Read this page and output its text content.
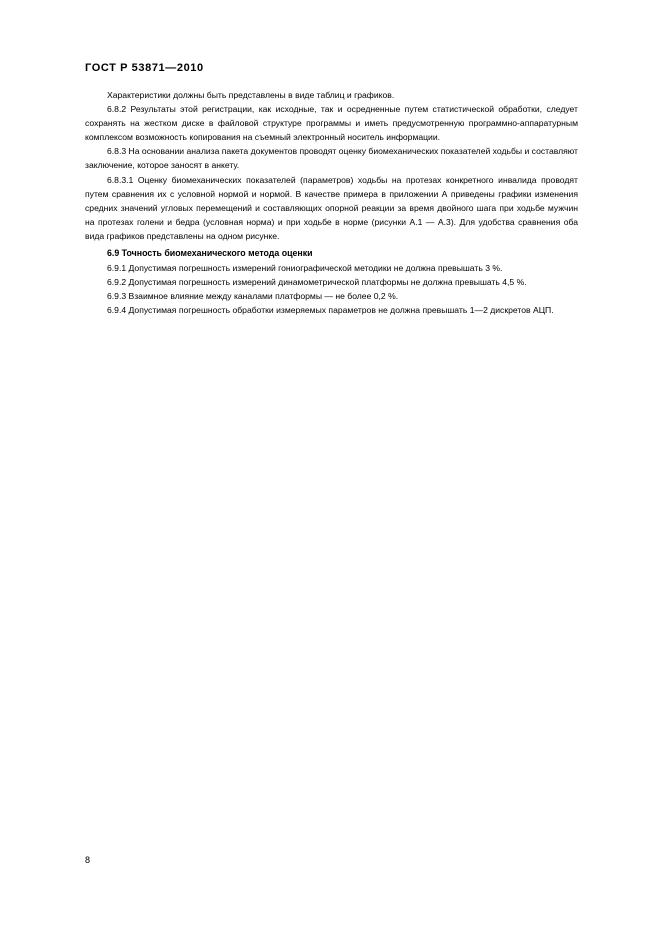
ГОСТ Р 53871—2010

Характеристики должны быть представлены в виде таблиц и графиков.

6.8.2 Результаты этой регистрации, как исходные, так и осредненные путем статистической обработки, следует сохранять на жестком диске в файловой структуре программы и иметь предусмотренную программно-аппаратурным комплексом возможность копирования на съемный электронный носитель информации.

6.8.3 На основании анализа пакета документов проводят оценку биомеханических показателей ходьбы и составляют заключение, которое заносят в анкету.

6.8.3.1 Оценку биомеханических показателей (параметров) ходьбы на протезах конкретного инвалида проводят путем сравнения их с условной нормой и нормой. В качестве примера в приложении А приведены графики изменения средних значений угловых перемещений и составляющих опорной реакции за время двойного шага при ходьбе мужчин на протезах голени и бедра (условная норма) и при ходьбе в норме (рисунки А.1 — А.3). Для удобства сравнения оба вида графиков представлены на одном рисунке.

6.9 Точность биомеханического метода оценки

6.9.1 Допустимая погрешность измерений гониографической методики не должна превышать 3 %.

6.9.2 Допустимая погрешность измерений динамометрической платформы не должна превышать 4,5 %.

6.9.3 Взаимное влияние между каналами платформы — не более 0,2 %.

6.9.4 Допустимая погрешность обработки измеряемых параметров не должна превышать 1—2 дискретов АЦП.

8
